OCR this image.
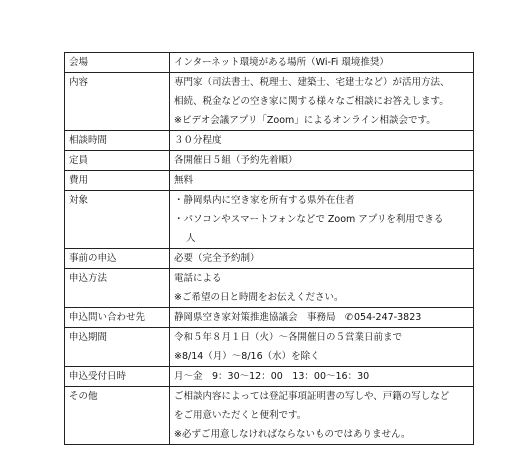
会場	インターネット環境がある場所（Wi-Fi 環境推奨）

内容	専門家（司法書士、税理士、建築士、宅建士など）が活用方法、
相続、税金などの空き家に関する様々なご相談にお答えします。
※ビデオ会議アプリ「Zoom」によるオンライン相談会です。

相談時間	３０分程度

定員	各開催日５組（予約先着順）

費用	無料

対象	・静岡県内に空き家を所有する県外在住者
・パソコンやスマートフォンなどで Zoom アプリを利用できる
人

事前の申込	必要（完全予約制）

申込方法	電話による
※ご希望の日と時間をお伝えください。

申込問い合わせ先	静岡県空き家対策推進協議会　事務局　✆054-247-3823

申込期間	令和５年８月１日（火）～各開催日の５営業日前まで
※8/14（月）～8/16（水）を除く

申込受付日時	月～金　9：30～12：00　13：00～16：30

その他	ご相談内容によっては登記事項証明書の写しや、戸籍の写しなど
をご用意いただくと便利です。
※必ずご用意しなければならないものではありません。
